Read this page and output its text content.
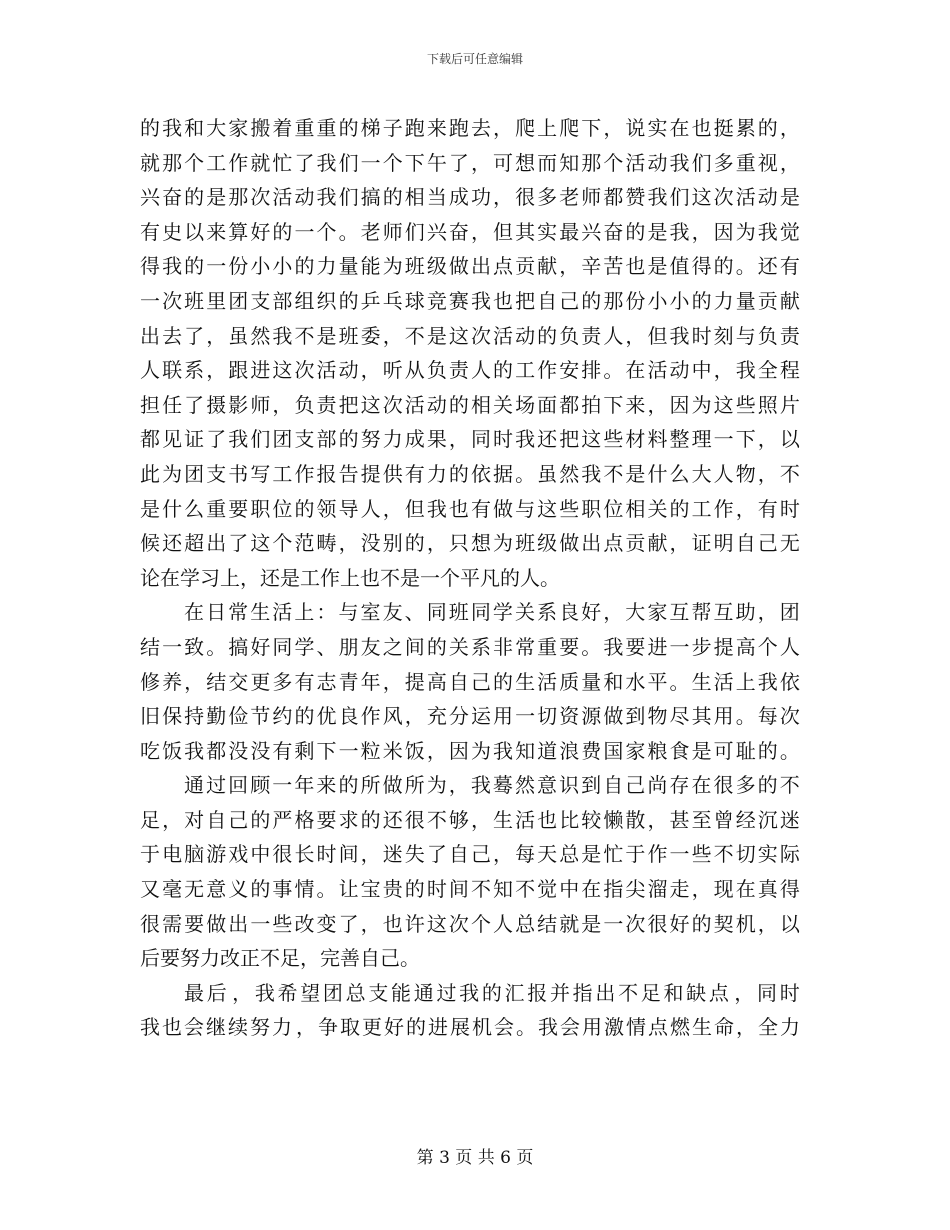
下载后可任意编辑
的 我 和 大 家 搬 着 重 重 的 梯 子 跑 来 跑 去 ， 爬 上 爬 下 ， 说 实 在 也 挺 累 的 ，
就 那 个 工 作 就 忙 了 我 们 一 个 下 午 了 ， 可 想 而 知 那 个 活 动 我 们 多 重 视 ，
兴 奋 的 是 那 次 活 动 我 们 搞 的 相 当 成 功 ， 很 多 老 师 都 赞 我 们 这 次 活 动 是
有 史 以 来 算 好 的 一 个 。 老 师 们 兴 奋 ， 但 其 实 最 兴 奋 的 是 我 ， 因 为 我 觉
得 我 的 一 份 小 小 的 力 量 能 为 班 级 做 出 点 贡 献 ， 辛 苦 也 是 值 得 的 。 还 有
一 次 班 里 团 支 部 组 织 的 乒 乓 球 竞 赛 我 也 把 自 己 的 那 份 小 小 的 力 量 贡 献
出 去 了 ， 虽 然 我 不 是 班 委 ， 不 是 这 次 活 动 的 负 责 人 ， 但 我 时 刻 与 负 责
人 联 系 ， 跟 进 这 次 活 动 ， 听 从 负 责 人 的 工 作 安 排 。 在 活 动 中 ， 我 全 程
担 任 了 摄 影 师 ， 负 责 把 这 次 活 动 的 相 关 场 面 都 拍 下 来 ， 因 为 这 些 照 片
都 见 证 了 我 们 团 支 部 的 努 力 成 果 ， 同 时 我 还 把 这 些 材 料 整 理 一 下 ， 以
此 为 团 支 书 写 工 作 报 告 提 供 有 力 的 依 据 。 虽 然 我 不 是 什 么 大 人 物 ， 不
是 什 么 重 要 职 位 的 领 导 人 ， 但 我 也 有 做 与 这 些 职 位 相 关 的 工 作 ， 有 时
候 还 超 出 了 这 个 范 畴 ， 没 别 的 ， 只 想 为 班 级 做 出 点 贡 献 ， 证 明 自 己 无
论在学习上，还是工作上也不是一个平凡的人。
在 日 常 生 活 上 ： 与 室 友 、 同 班 同 学 关 系 良 好 ， 大 家 互 帮 互 助 ， 团
结 一 致 。 搞 好 同 学 、 朋 友 之 间 的 关 系 非 常 重 要 。 我 要 进 一 步 提 高 个 人
修 养 ， 结 交 更 多 有 志 青 年 ， 提 高 自 己 的 生 活 质 量 和 水 平 。 生 活 上 我 依
旧 保 持 勤 俭 节 约 的 优 良 作 风 ， 充 分 运 用 一 切 资 源 做 到 物 尽 其 用 。 每 次
吃 饭 我 都 没 没 有 剩 下 一 粒 米 饭 ， 因 为 我 知 道 浪 费 国 家 粮 食 是 可 耻 的 。
通 过 回 顾 一 年 来 的 所 做 所 为 ， 我 蓦 然 意 识 到 自 己 尚 存 在 很 多 的 不
足 ， 对 自 己 的 严 格 要 求 的 还 很 不 够 ， 生 活 也 比 较 懒 散 ， 甚 至 曾 经 沉 迷
于 电 脑 游 戏 中 很 长 时 间 ， 迷 失 了 自 己 ， 每 天 总 是 忙 于 作 一 些 不 切 实 际
又 毫 无 意 义 的 事 情 。 让 宝 贵 的 时 间 不 知 不 觉 中 在 指 尖 溜 走 ， 现 在 真 得
很 需 要 做 出 一 些 改 变 了 ， 也 许 这 次 个 人 总 结 就 是 一 次 很 好 的 契 机 ， 以
后要努力改正不足，完善自己。
最 后 ， 我 希 望 团 总 支 能 通 过 我 的 汇 报 并 指 出 不 足 和 缺 点 ， 同 时
我 也 会 继 续 努 力 ， 争 取 更 好 的 进 展 机 会 。 我 会 用 激 情 点 燃 生 命 ， 全 力
第 3 页 共 6 页
